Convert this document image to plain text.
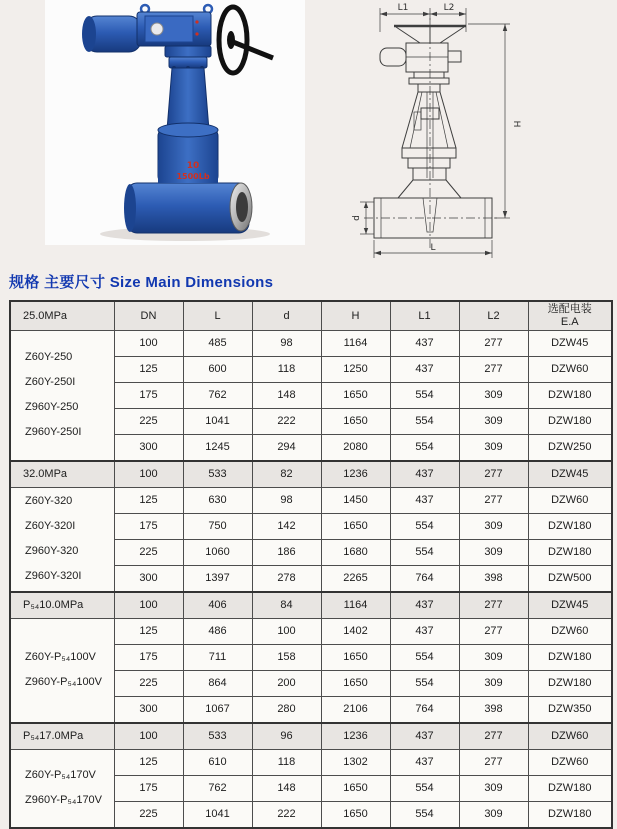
10
1500Lb
L1	L2
H
d
L
规格 主要尺寸 Size Main Dimensions
25.0MPa	DN	L	d	H	L1	L2	选配电装
E.A

Z60Y-250
Z60Y-250I
Z960Y-250
Z960Y-250I	100	485	98	1164	437	277	DZW45
	125	600	118	1250	437	277	DZW60
	175	762	148	1650	554	309	DZW180
	225	1041	222	1650	554	309	DZW180
	300	1245	294	2080	554	309	DZW250
32.0MPa	100	533	82	1236	437	277	DZW45

Z60Y-320
Z60Y-320I
Z960Y-320
Z960Y-320I	125	630	98	1450	437	277	DZW60
	175	750	142	1650	554	309	DZW180
	225	1060	186	1680	554	309	DZW180
	300	1397	278	2265	764	398	DZW500
P₅₄10.0MPa	100	406	84	1164	437	277	DZW45

Z60Y-P₅₄100V
Z960Y-P₅₄100V	125	486	100	1402	437	277	DZW60
	175	711	158	1650	554	309	DZW180
	225	864	200	1650	554	309	DZW180
	300	1067	280	2106	764	398	DZW350
P₅₄17.0MPa	100	533	96	1236	437	277	DZW60

Z60Y-P₅₄170V
Z960Y-P₅₄170V	125	610	118	1302	437	277	DZW60
	175	762	148	1650	554	309	DZW180
	225	1041	222	1650	554	309	DZW180
